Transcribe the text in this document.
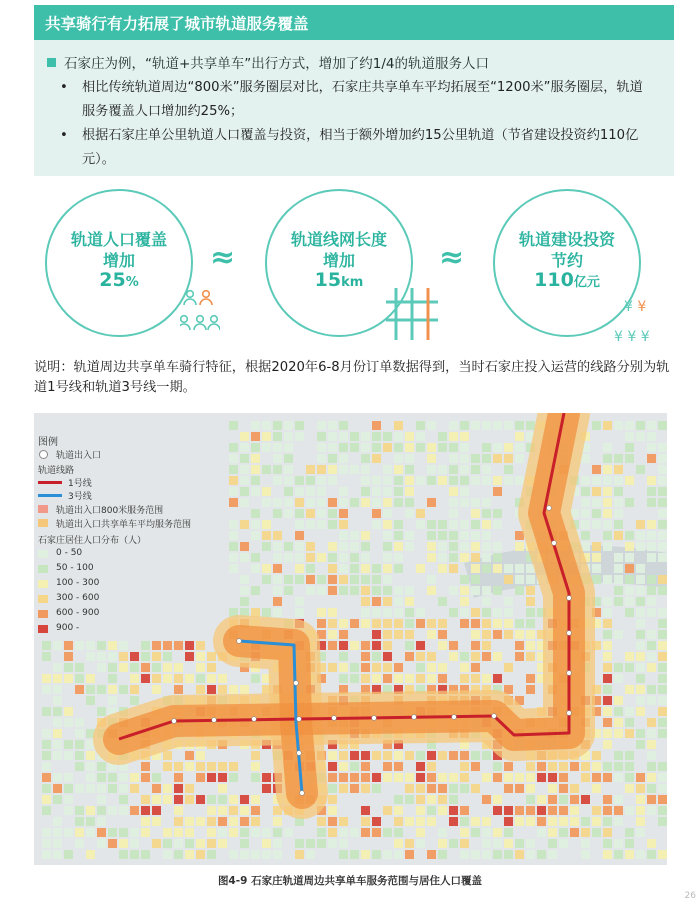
共享骑行有力拓展了城市轨道服务覆盖
石家庄为例，“轨道+共享单车”出行方式，增加了约1/4的轨道服务人口
• 相比传统轨道周边“800米”服务圈层对比，石家庄共享单车平均拓展至“1200米”服务圈层，轨道
服务覆盖人口增加约25%；
• 根据石家庄单公里轨道人口覆盖与投资，相当于额外增加约15公里轨道（节省建设投资约110亿
元）。
轨道人口覆盖
增加
25%
≈
轨道线网长度
增加
15km
≈
轨道建设投资
节约
110亿元
¥ ¥
¥ ¥ ¥
说明：轨道周边共享单车骑行特征，根据2020年6-8月份订单数据得到，当时石家庄投入运营的线路分别为轨道1号线和轨道3号线一期。
图例
轨道出入口
轨道线路
1号线
3号线
轨道出入口800米服务范围
轨道出入口共享单车平均服务范围
石家庄居住人口分布（人）
0 - 50
50 - 100
100 - 300
300 - 600
600 - 900
900 -
图4-9 石家庄轨道周边共享单车服务范围与居住人口覆盖
26
